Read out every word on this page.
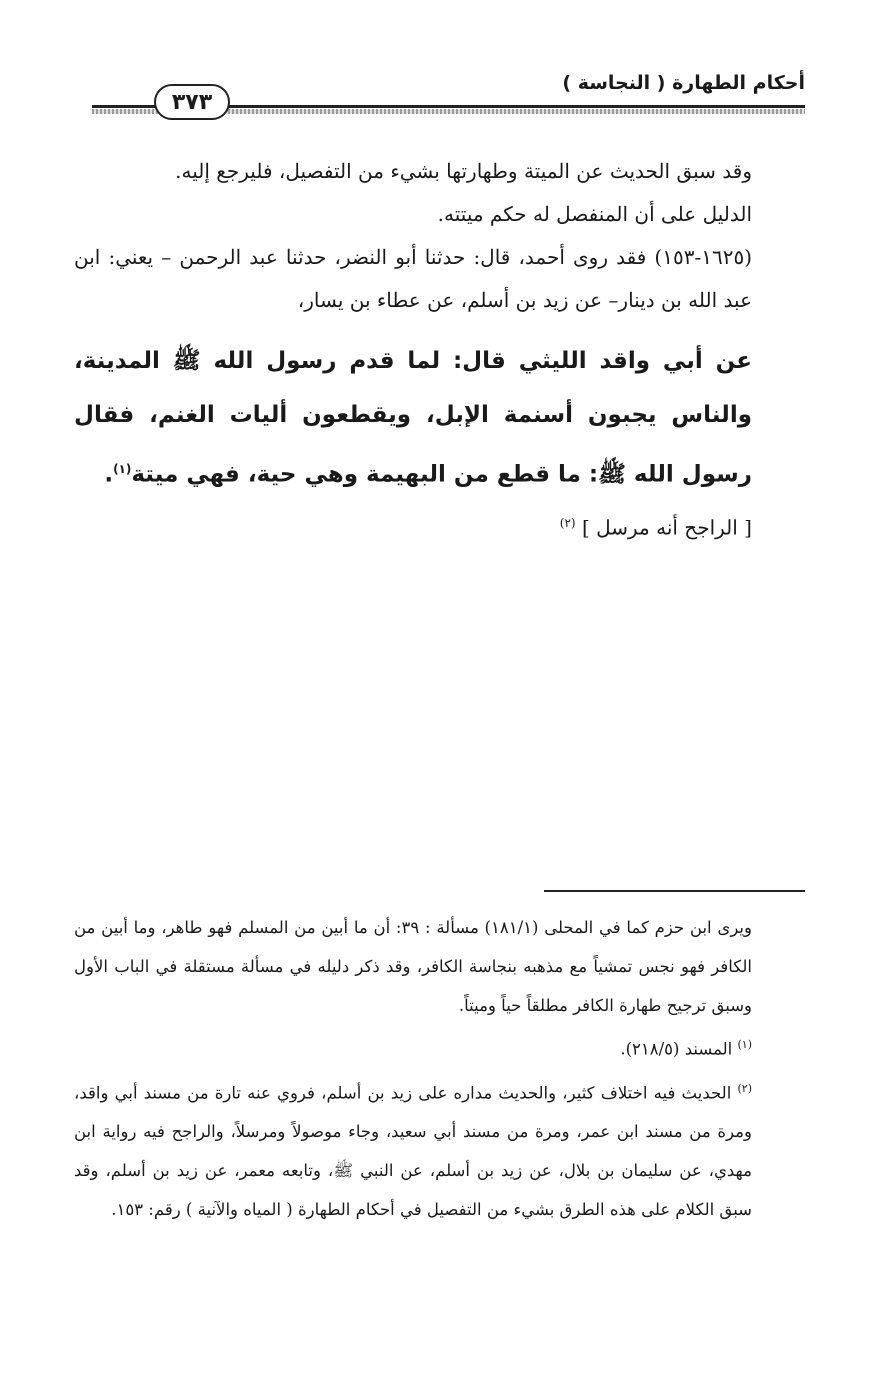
أحكام الطهارة ( النجاسة )
٣٧٣

وقد سبق الحديث عن الميتة وطهارتها بشيء من التفصيل، فليرجع إليه.

الدليل على أن المنفصل له حكم ميتته.

(١٦٢٥-١٥٣) فقد روى أحمد، قال: حدثنا أبو النضر، حدثنا عبد الرحمن – يعني: ابن عبد الله بن دينار– عن زيد بن أسلم، عن عطاء بن يسار،

عن أبي واقد الليثي قال: لما قدم رسول الله ﷺ المدينة، والناس يجبون أسنمة الإبل، ويقطعون أليات الغنم، فقال رسول الله ﷺ: ما قطع من البهيمة وهي حية، فهي ميتة$^{(١)}$.

[ الراجح أنه مرسل ] $^{(٢)}$

ويرى ابن حزم كما في المحلى (١٨١/١) مسألة : ٣٩: أن ما أبين من المسلم فهو طاهر، وما أبين من الكافر فهو نجس تمشياً مع مذهبه بنجاسة الكافر، وقد ذكر دليله في مسألة مستقلة في الباب الأول وسبق ترجيح طهارة الكافر مطلقاً حياً وميتاً.

$^{(١)}$ المسند (٢١٨/٥).

$^{(٢)}$ الحديث فيه اختلاف كثير، والحديث مداره على زيد بن أسلم، فروي عنه تارة من مسند أبي واقد، ومرة من مسند ابن عمر، ومرة من مسند أبي سعيد، وجاء موصولاً ومرسلاً، والراجح فيه رواية ابن مهدي، عن سليمان بن بلال، عن زيد بن أسلم، عن النبي ﷺ، وتابعه معمر، عن زيد بن أسلم، وقد سبق الكلام على هذه الطرق بشيء من التفصيل في أحكام الطهارة ( المياه والآنية ) رقم: ١٥٣.
